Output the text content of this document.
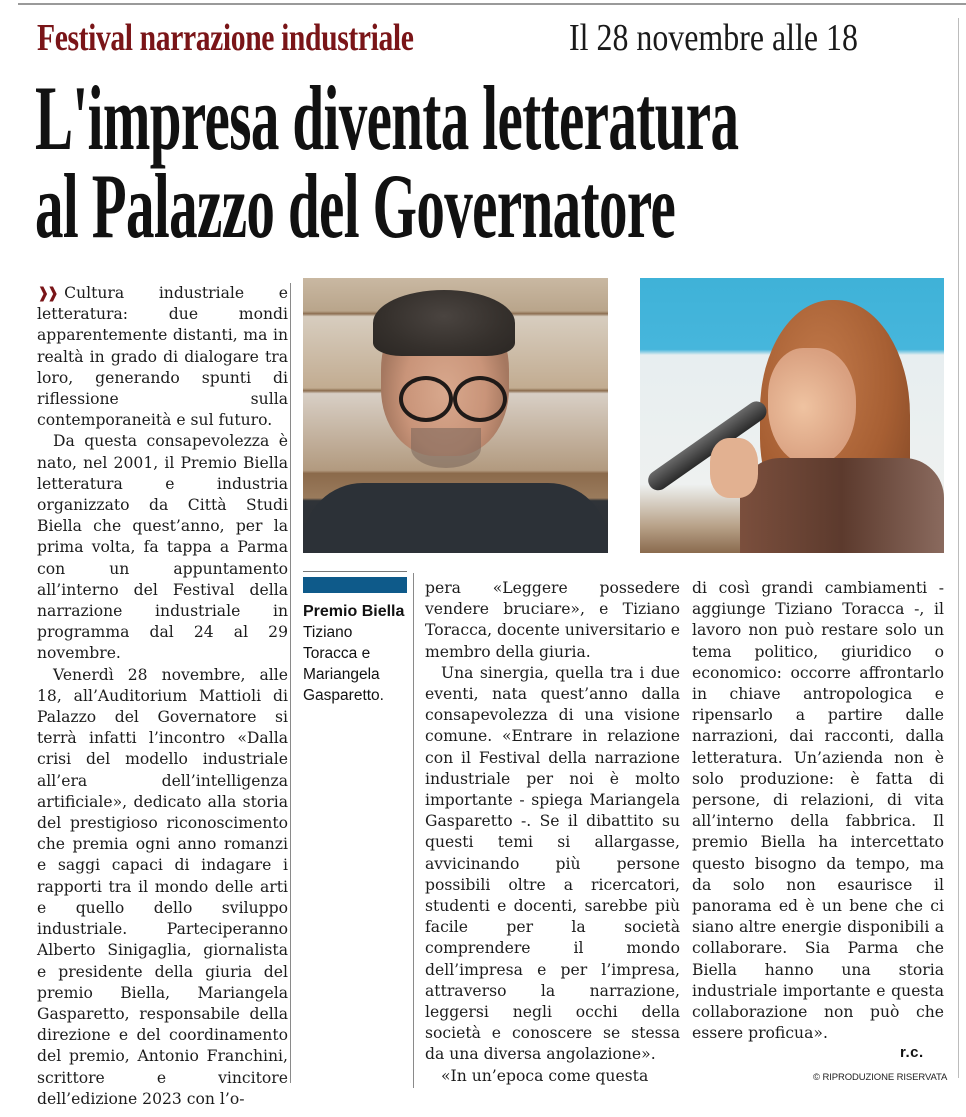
Festival narrazione industriale	Il 28 novembre alle 18
L'impresa diventa letteratura
al Palazzo del Governatore

❱❱ Cultura industriale e letteratura: due mondi apparentemente distanti, ma in realtà in grado di dialogare tra loro, generando spunti di riflessione sulla contemporaneità e sul futuro.

Da questa consapevolezza è nato, nel 2001, il Premio Biella letteratura e industria organizzato da Città Studi Biella che quest’anno, per la prima volta, fa tappa a Parma con un appuntamento all’interno del Festival della narrazione industriale in programma dal 24 al 29 novembre.

Venerdì 28 novembre, alle 18, all’Auditorium Mattioli di Palazzo del Governatore si terrà infatti l’incontro «Dalla crisi del modello industriale all’era dell’intelligenza artificiale», dedicato alla storia del prestigioso riconoscimento che premia ogni anno romanzi e saggi capaci di indagare i rapporti tra il mondo delle arti e quello dello sviluppo industriale. Parteciperanno Alberto Sinigaglia, giornalista e presidente della giuria del premio Biella, Mariangela Gasparetto, responsabile della direzione e del coordinamento del premio, Antonio Franchini, scrittore e vincitore dell’edizione 2023 con l’o-

Premio Biella
Tiziano Toracca e Mariangela Gasparetto.

pera «Leggere possedere vendere bruciare», e Tiziano Toracca, docente universitario e membro della giuria.

Una sinergia, quella tra i due eventi, nata quest’anno dalla consapevolezza di una visione comune. «Entrare in relazione con il Festival della narrazione industriale per noi è molto importante - spiega Mariangela Gasparetto -. Se il dibattito su questi temi si allargasse, avvicinando più persone possibili oltre a ricercatori, studenti e docenti, sarebbe più facile per la società comprendere il mondo dell’impresa e per l’impresa, attraverso la narrazione, leggersi negli occhi della società e conoscere se stessa da una diversa angolazione».

«In un’epoca come questa

di così grandi cambiamenti - aggiunge Tiziano Toracca -, il lavoro non può restare solo un tema politico, giuridico o economico: occorre affrontarlo in chiave antropologica e ripensarlo a partire dalle narrazioni, dai racconti, dalla letteratura. Un’azienda non è solo produzione: è fatta di persone, di relazioni, di vita all’interno della fabbrica. Il premio Biella ha intercettato questo bisogno da tempo, ma da solo non esaurisce il panorama ed è un bene che ci siano altre energie disponibili a collaborare. Sia Parma che Biella hanno una storia industriale importante e questa collaborazione non può che essere proficua».

r.c.
© RIPRODUZIONE RISERVATA
